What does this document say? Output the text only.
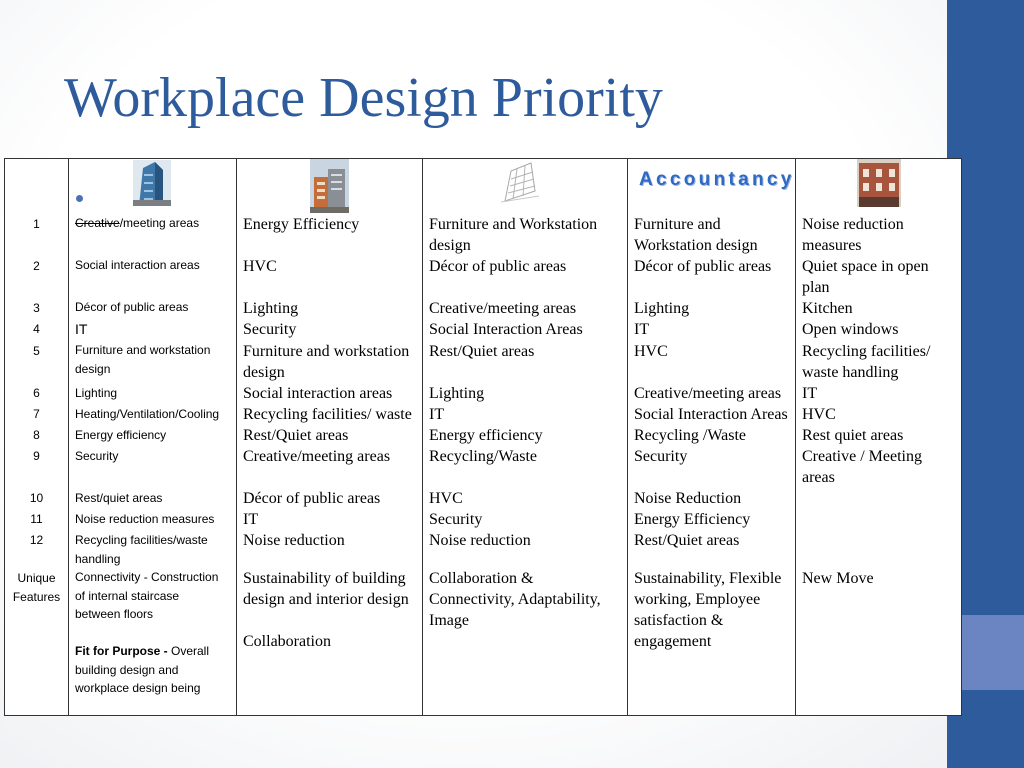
Workplace Design Priority
Accountancy
1
2
3
4
5
6
7
8
9
10
11
12
Unique
Features
Creative/meeting areas
Social interaction areas
Décor of public areas
IT
Furniture and workstation
design
Lighting
Heating/Ventilation/Cooling
Energy efficiency
Security
Rest/quiet areas
Noise reduction measures
Recycling facilities/waste
handling
Connectivity - Construction
of internal staircase
between floors
Fit for Purpose - Overall
building design and
workplace design being
Energy Efficiency
HVC
Lighting
Security
Furniture and workstation
design
Social interaction areas
Recycling facilities/ waste
Rest/Quiet areas
Creative/meeting areas
Décor of public areas
IT
Noise reduction
Sustainability of building
design and interior design
Collaboration
Furniture and Workstation
design
Décor of public areas
Creative/meeting areas
Social Interaction Areas
Rest/Quiet areas
Lighting
IT
Energy efficiency
Recycling/Waste
HVC
Security
Noise reduction
Collaboration &
Connectivity, Adaptability,
Image
Furniture and
Workstation design
Décor of public areas
Lighting
IT
HVC
Creative/meeting areas
Social Interaction Areas
Recycling /Waste
Security
Noise Reduction
Energy Efficiency
Rest/Quiet areas
Sustainability, Flexible
working, Employee
satisfaction &
engagement
Noise reduction
measures
Quiet space in open
plan
Kitchen
Open windows
Recycling facilities/
waste handling
IT
HVC
Rest quiet areas
Creative / Meeting
areas
New Move
